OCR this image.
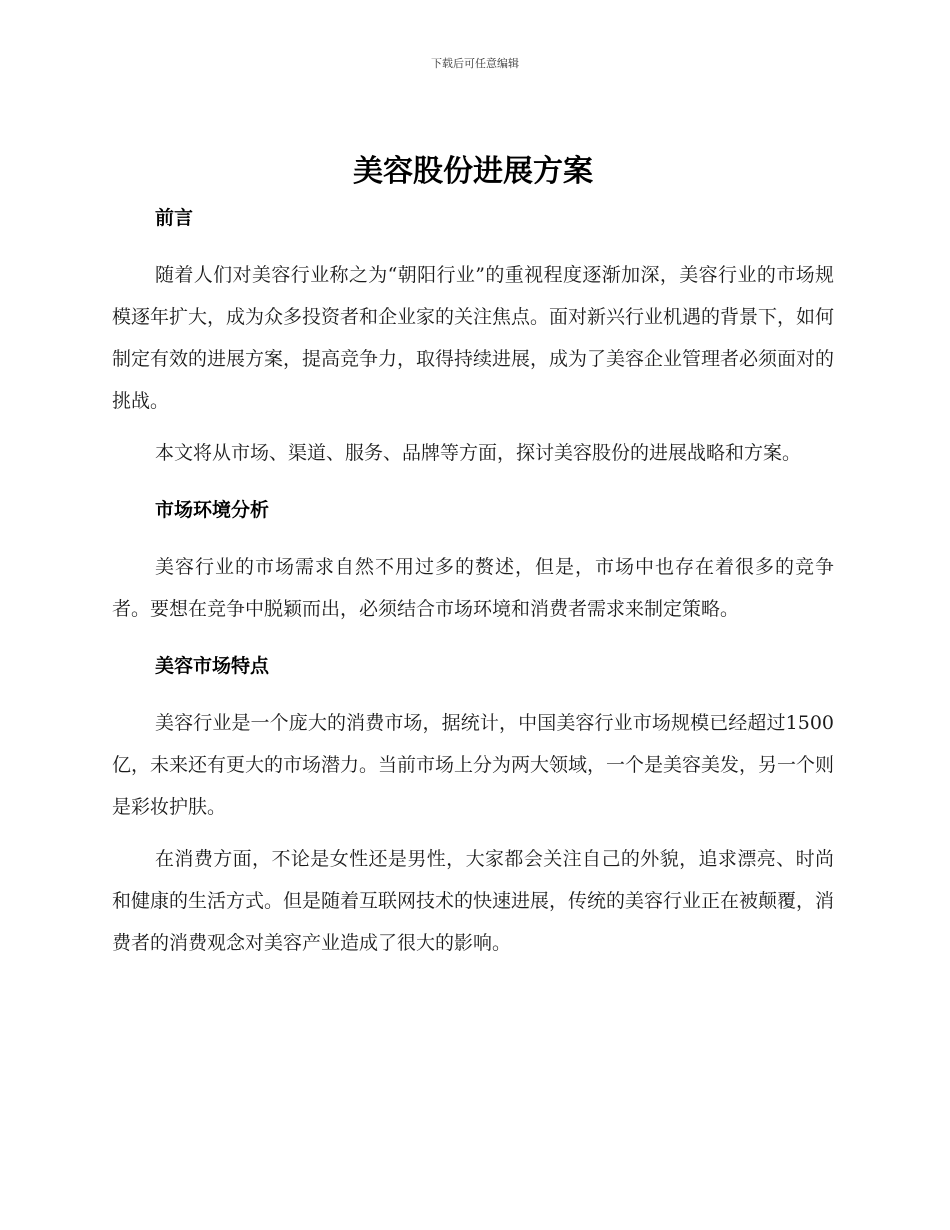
下载后可任意编辑

美容股份进展方案
前言

随着人们对美容行业称之为“朝阳行业”的重视程度逐渐加深，美容行业的市场规模逐年扩大，成为众多投资者和企业家的关注焦点。面对新兴行业机遇的背景下，如何制定有效的进展方案，提高竞争力，取得持续进展，成为了美容企业管理者必须面对的挑战。

本文将从市场、渠道、服务、品牌等方面，探讨美容股份的进展战略和方案。

市场环境分析

美容行业的市场需求自然不用过多的赘述，但是，市场中也存在着很多的竞争者。要想在竞争中脱颖而出，必须结合市场环境和消费者需求来制定策略。

美容市场特点

美容行业是一个庞大的消费市场，据统计，中国美容行业市场规模已经超过1500亿，未来还有更大的市场潜力。当前市场上分为两大领域，一个是美容美发，另一个则是彩妆护肤。

在消费方面，不论是女性还是男性，大家都会关注自己的外貌，追求漂亮、时尚和健康的生活方式。但是随着互联网技术的快速进展，传统的美容行业正在被颠覆，消费者的消费观念对美容产业造成了很大的影响。
